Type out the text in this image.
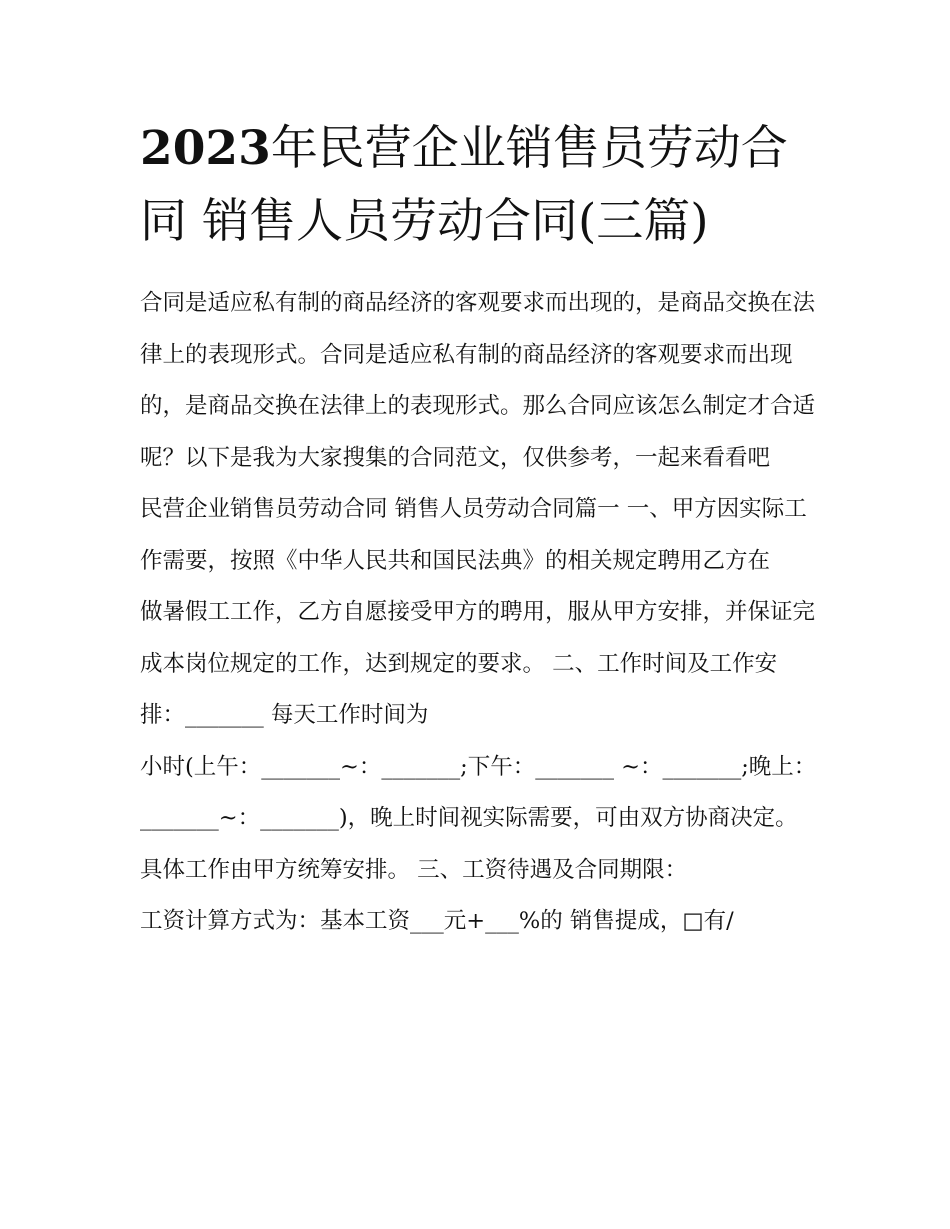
2023年民营企业销售员劳动合同 销售人员劳动合同(三篇)

合同是适应私有制的商品经济的客观要求而出现的，是商品交换在法律上的表现形式。合同是适应私有制的商品经济的客观要求而出现的，是商品交换在法律上的表现形式。那么合同应该怎么制定才合适呢？以下是我为大家搜集的合同范文，仅供参考，一起来看看吧

民营企业销售员劳动合同 销售人员劳动合同篇一 一、甲方因实际工作需要，按照《中华人民共和国民法典》的相关规定聘用乙方在

做暑假工工作，乙方自愿接受甲方的聘用，服从甲方安排，并保证完成本岗位规定的工作，达到规定的要求。 二、工作时间及工作安排：_______ 每天工作时间为

小时(上午：_______~：_______;下午：_______ ~：_______;晚上：_______~：_______)，晚上时间视实际需要，可由双方协商决定。具体工作由甲方统筹安排。 三、工资待遇及合同期限：

工资计算方式为：基本工资___元+___%的 销售提成，□有/
